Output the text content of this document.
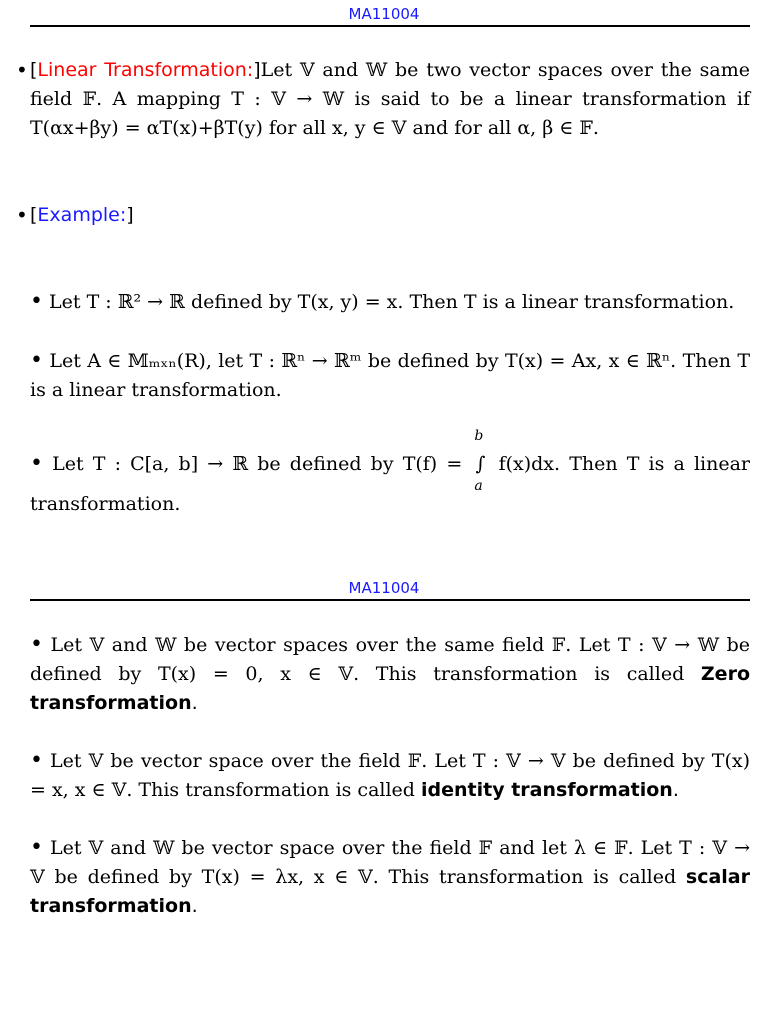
MA11004
• [Linear Transformation:]Let 𝕍 and 𝕎 be two vector spaces over the same field 𝔽. A mapping T : 𝕍 → 𝕎 is said to be a linear transformation if T(αx+βy) = αT(x)+βT(y) for all x, y ∈ 𝕍 and for all α, β ∈ 𝔽.
• [Example:]
• Let T : ℝ² → ℝ defined by T(x, y) = x. Then T is a linear transformation.
• Let A ∈ 𝕄ₘₓₙ(R), let T : ℝⁿ → ℝᵐ be defined by T(x) = Ax, x ∈ ℝⁿ. Then T is a linear transformation.
• Let T : C[a, b] → ℝ be defined by T(f) = ∫
b
a
f(x)dx. Then T is a linear transformation.
MA11004
• Let 𝕍 and 𝕎 be vector spaces over the same field 𝔽. Let T : 𝕍 → 𝕎 be defined by T(x) = 0, x ∈ 𝕍. This transformation is called Zero transformation.
• Let 𝕍 be vector space over the field 𝔽. Let T : 𝕍 → 𝕍 be defined by T(x) = x, x ∈ 𝕍. This transformation is called identity transformation.
• Let 𝕍 and 𝕎 be vector space over the field 𝔽 and let λ ∈ 𝔽. Let T : 𝕍 → 𝕍 be defined by T(x) = λx, x ∈ 𝕍. This transformation is called scalar transformation.
